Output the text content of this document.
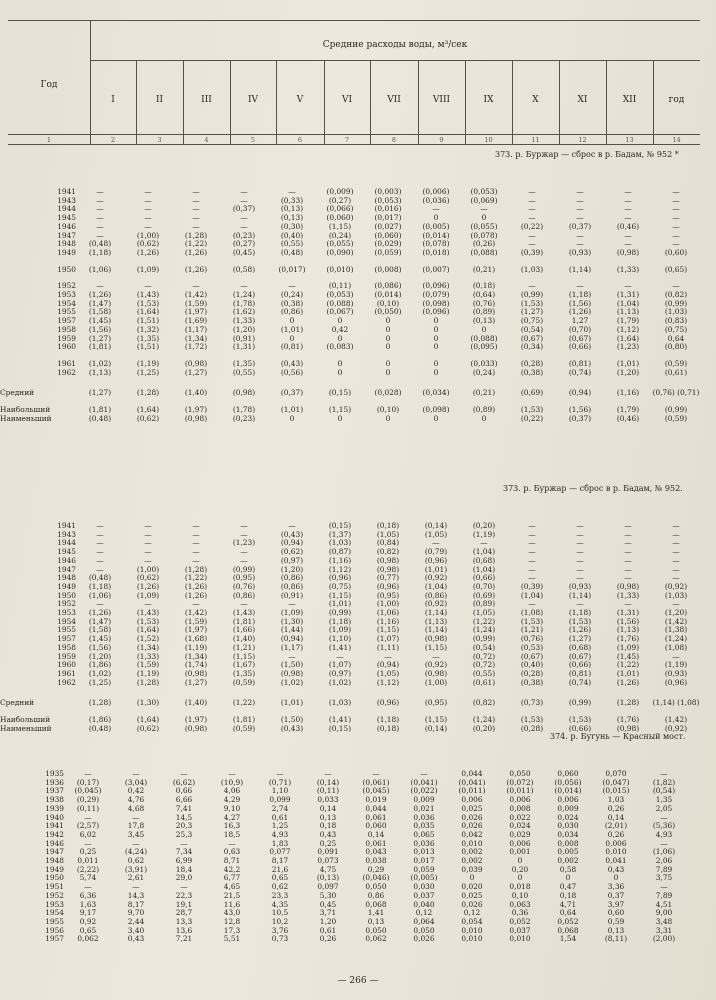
Год
Средние расходы воды, м³/сек
I	II	III	IV	V	VI	VII	VIII	IX	X	XI	XII	год
1	2	3	4	5	6	7	8	9	10	11	12	13	14
373. р. Буржар — сброс в р. Бадам, № 952 *
1941	—	—	—	—	—	(0,009)	(0,003)	(0,006)	(0,053)	—	—	—	—
1943	—	—	—	—	(0,33)	(0,27)	(0,053)	(0,036)	(0,069)	—	—	—	—
1944	—	—	—	(0,37)	(0,13)	(0,066)	(0,016)	—	—	—	—	—	—
1945	—	—	—	—	(0,13)	(0,060)	(0,017)	0	0	—	—	—	—
1946	—	—	—	—	(0,30)	(1,15)	(0,027)	(0,005)	(0,055)	(0,22)	(0,37)	(0,46)	—
1947	—	(1,00)	(1,28)	(0,23)	(0,40)	(0,24)	(0,060)	(0,014)	(0,078)	—	—	—	—
1948	(0,48)	(0,62)	(1,22)	(0,27)	(0,55)	(0,055)	(0,029)	(0,078)	(0,26)	—	—	—	—
1949	(1,18)	(1,26)	(1,26)	(0,45)	(0,48)	(0,090)	(0,059)	(0,018)	(0,088)	(0,39)	(0,93)	(0,98)	(0,60)

1950	(1,06)	(1,09)	(1,26)	(0,58)	(0,017)	(0,010)	(0,008)	(0,007)	(0,21)	(1,03)	(1,14)	(1,33)	(0,65)

1952	—	—	—	—	—	(0,11)	(0,086)	(0,096)	(0,18)	—	—	—	—
1953	(1,26)	(1,43)	(1,42)	(1,24)	(0,24)	(0,053)	(0,014)	(0,079)	(0,64)	(0,99)	(1,18)	(1,31)	(0,82)
1954	(1,47)	(1,53)	(1,59)	(1,78)	(0,38)	(0,088)	(0,10)	(0,098)	(0,76)	(1,53)	(1,56)	(1,04)	(0,99)
1955	(1,58)	(1,64)	(1,97)	(1,62)	(0,86)	(0,067)	(0,050)	(0,096)	(0,89)	(1,27)	(1,26)	(1,13)	(1,03)
1957	(1,45)	(1,51)	(1,69)	(1,33)	0	0	0	0	(0,13)	(0,75)	1,27	(1,79)	(0,83)
1958	(1,56)	(1,32)	(1,17)	(1,20)	(1,01)	0,42	0	0	0	(0,54)	(0,70)	(1,12)	(0,75)
1959	(1,27)	(1,35)	(1,34)	(0,91)	0	0	0	0	(0,088)	(0,67)	(0,67)	(1,64)	0,64
1960	(1,81)	(1,51)	(1,72)	(1,31)	(0,81)	(0,083)	0	0	(0,095)	(0,34)	(0,66)	(1,23)	(0,80)

1961	(1,02)	(1,19)	(0,98)	(1,35)	(0,43)	0	0	0	(0,033)	(0,28)	(0,81)	(1,01)	(0,59)
1962	(1,13)	(1,25)	(1,27)	(0,55)	(0,56)	0	0	0	(0,24)	(0,38)	(0,74)	(1,20)	(0,61)

Средний	(1,27)	(1,28)	(1,40)	(0,98)	(0,37)	(0,15)	(0,028)	(0,034)	(0,21)	(0,69)	(0,94)	(1,16)	(0,76) (0,71)

Наибольший	(1,81)	(1,64)	(1,97)	(1,78)	(1,01)	(1,15)	(0,10)	(0,098)	(0,89)	(1,53)	(1,56)	(1,79)	(0,99)
Наименьший	(0,48)	(0,62)	(0,98)	(0,23)	0	0	0	0	0	(0,22)	(0,37)	(0,46)	(0,59)
373. р. Буржар — сброс в р. Бадам, № 952.
1941	—	—	—	—	—	(0,15)	(0,18)	(0,14)	(0,20)	—	—	—	—
1943	—	—	—	—	(0,43)	(1,37)	(1,05)	(1,05)	(1,19)	—	—	—	—
1944	—	—	—	(1,23)	(0,94)	(1,03)	(0,84)	—	—	—	—	—	—
1945	—	—	—	—	(0,62)	(0,87)	(0,82)	(0,79)	(1,04)	—	—	—	—
1946	—	—	—	—	(0,97)	(1,16)	(0,98)	(0,96)	(0,68)	—	—	—	—
1947	—	(1,00)	(1,28)	(0,99)	(1,20)	(1,12)	(0,98)	(1,01)	(1,04)	—	—	—	—
1948	(0,48)	(0,62)	(1,22)	(0,95)	(0,86)	(0,96)	(0,77)	(0,92)	(0,66)	—	—	—	—
1949	(1,18)	(1,26)	(1,26)	(0,76)	(0,86)	(0,75)	(0,96)	(1,04)	(0,70)	(0,39)	(0,93)	(0,98)	(0,92)
1950	(1,06)	(1,09)	(1,26)	(0,86)	(0,91)	(1,15)	(0,95)	(0,86)	(0,69)	(1,04)	(1,14)	(1,33)	(1,03)
1952	—	—	—	—	—	(1,01)	(1,00)	(0,92)	(0,89)	—	—	—	—
1953	(1,26)	(1,43)	(1,42)	(1,43)	(1,09)	(0,99)	(1,06)	(1,14)	(1,05)	(1,08)	(1,18)	(1,31)	(1,20)
1954	(1,47)	(1,53)	(1,59)	(1,81)	(1,30)	(1,18)	(1,16)	(1,13)	(1,22)	(1,53)	(1,53)	(1,56)	(1,42)
1955	(1,58)	(1,64)	(1,97)	(1,66)	(1,44)	(1,09)	(1,15)	(1,14)	(1,24)	(1,21)	(1,26)	(1,13)	(1,38)
1957	(1,45)	(1,52)	(1,68)	(1,40)	(0,94)	(1,10)	(1,07)	(0,98)	(0,99)	(0,76)	(1,27)	(1,76)	(1,24)
1958	(1,56)	(1,34)	(1,19)	(1,21)	(1,17)	(1,41)	(1,11)	(1,15)	(0,54)	(0,53)	(0,68)	(1,09)	(1,08)
1959	(1,20)	(1,33)	(1,34)	(1,15)	—	—	—	—	(0,72)	(0,67)	(0,67)	(1,45)	—
1960	(1,86)	(1,59)	(1,74)	(1,67)	(1,50)	(1,07)	(0,94)	(0,92)	(0,72)	(0,40)	(0,66)	(1,22)	(1,19)
1961	(1,02)	(1,19)	(0,98)	(1,35)	(0,98)	(0,97)	(1,05)	(0,98)	(0,55)	(0,28)	(0,81)	(1,01)	(0,93)
1962	(1,25)	(1,28)	(1,27)	(0,59)	(1,02)	(1,02)	(1,12)	(1,00)	(0,61)	(0,38)	(0,74)	(1,26)	(0,96)

Средний	(1,28)	(1,30)	(1,40)	(1,22)	(1,01)	(1,03)	(0,96)	(0,95)	(0,82)	(0,73)	(0,99)	(1,28)	(1,14) (1,08)

Наибольший	(1,86)	(1,64)	(1,97)	(1,81)	(1,50)	(1,41)	(1,18)	(1,15)	(1,24)	(1,53)	(1,53)	(1,76)	(1,42)
Наименьший	(0,48)	(0,62)	(0,98)	(0,59)	(0,43)	(0,15)	(0,18)	(0,14)	(0,20)	(0,28)	(0,66)	(0,98)	(0,92)
374. р. Бугунь — Красный мост.
1935	—	—	—	—	—	—	—	—	0,044	0,050	0,060	0,070	—
1936	(0,17)	(3,04)	(6,62)	(10,9)	(0,71)	(0,14)	(0,061)	(0,041)	(0,041)	(0,072)	(0,056)	(0,047)	(1,82)
1937	(0,045)	0,42	0,66	4,06	1,10	(0,11)	(0,045)	(0,022)	(0,011)	(0,011)	(0,014)	(0,015)	(0,54)
1938	(0,29)	4,76	6,66	4,29	0,099	0,033	0,019	0,009	0,006	0,006	0,006	1,03	1,35
1939	(0,11)	4,68	7,41	9,10	2,74	0,14	0,044	0,021	0,025	0,008	0,009	0,26	2,05
1940	—	—	14,5	4,27	0,61	0,13	0,061	0,036	0,026	0,022	0,024	0,14	—
1941	(2,57)	17,8	20,3	16,3	1,25	0,18	0,060	0,035	0,026	0,024	0,030	(2,01)	(5,36)
1942	6,02	3,45	25,3	18,5	4,93	0,43	0,14	0,065	0,042	0,029	0,034	0,26	4,93
1946	—	—	—	—	1,83	0,25	0,061	0,036	0,010	0,006	0,008	0,006	—
1947	0,25	(4,24)	7,34	0,63	0,077	0,091	0,043	0,013	0,002	0,001	0,005	0,010	(1,06)
1948	0,011	0,62	6,99	8,71	8,17	0,073	0,038	0,017	0,002	0	0,002	0,041	2,06
1949	(2,22)	(3,91)	18,4	42,2	21,6	4,75	0,29	0,059	0,039	0,20	0,58	0,43	7,89
1950	5,74	2,61	29,0	6,77	0,65	(0,13)	(0,046)	(0,005)	0	0	0	0	3,75
1951	—	—	—	4,65	0,62	0,097	0,050	0,030	0,020	0,018	0,47	3,36	—
1952	6,36	14,3	22,3	21,5	23,3	5,30	0,86	0,037	0,025	0,10	0,18	0,37	7,89
1953	1,63	8,17	19,1	11,6	4,35	0,45	0,068	0,040	0,026	0,063	4,71	3,97	4,51
1954	9,17	9,70	28,7	43,0	10,5	3,71	1,41	0,12	0,12	0,36	0,64	0,60	9,00
1955	0,92	2,44	13,3	12,8	10,2	1,20	0,13	0,064	0,054	0,052	0,052	0,59	3,48
1956	0,65	3,40	13,6	17,3	3,76	0,61	0,050	0,050	0,010	0,037	0,068	0,13	3,31
1957	0,062	0,43	7,21	5,51	0,73	0,26	0,062	0,026	0,010	0,010	1,54	(8,11)	(2,00)
— 266 —
